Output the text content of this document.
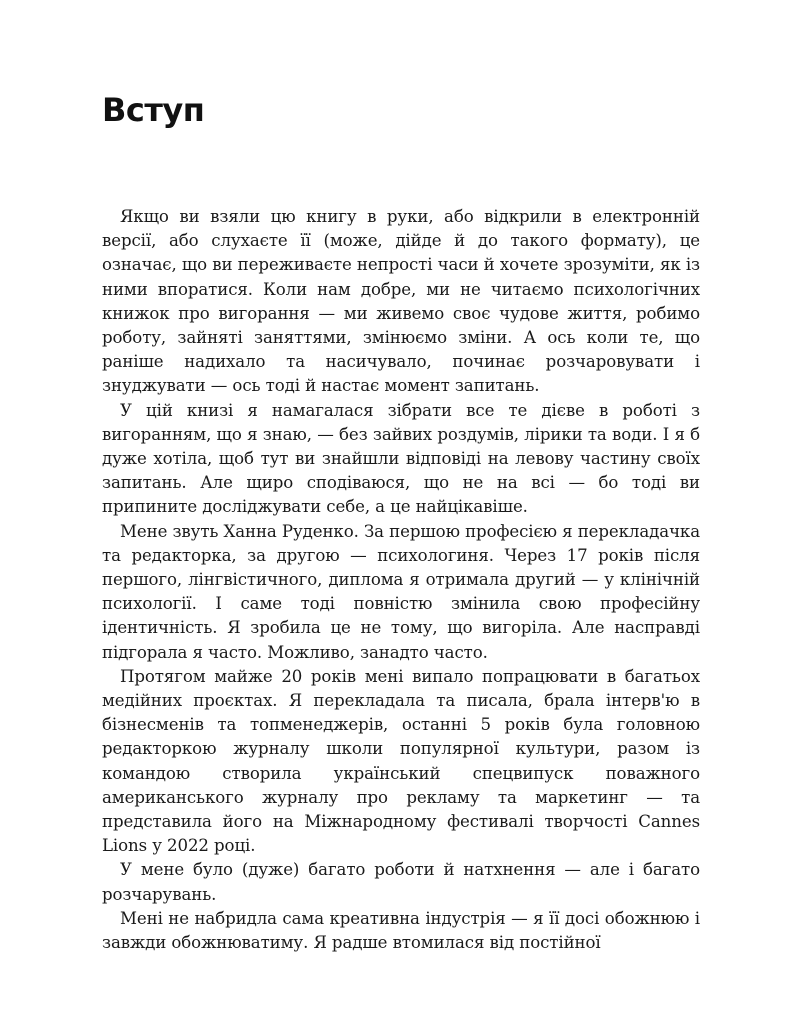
Вступ

Якщо ви взяли цю книгу в руки, або відкрили в електронній версії, або слухаєте її (може, дійде й до такого формату), це означає, що ви переживаєте непрості часи й хочете зрозуміти, як із ними впоратися. Коли нам добре, ми не читаємо психологічних книжок про вигорання — ми живемо своє чудове життя, робимо роботу, зайняті заняттями, змінюємо зміни. А ось коли те, що раніше надихало та насичувало, починає розчаровувати і знуджувати — ось тоді й настає момент запитань.

У цій книзі я намагалася зібрати все те дієве в роботі з вигоранням, що я знаю, — без зайвих роздумів, лірики та води. І я б дуже хотіла, щоб тут ви знайшли відповіді на левову частину своїх запитань. Але щиро сподіваюся, що не на всі — бо тоді ви припините досліджувати себе, а це найцікавіше.

Мене звуть Ханна Руденко. За першою професією я перекладачка та редакторка, за другою — психологиня. Через 17 років після першого, лінгвістичного, диплома я отримала другий — у клінічній психології. І саме тоді повністю змінила свою професійну ідентичність. Я зробила це не тому, що вигоріла. Але насправді підгорала я часто. Можливо, занадто часто.

Протягом майже 20 років мені випало попрацювати в багатьох медійних проєктах. Я перекладала та писала, брала інтерв'ю в бізнесменів та топменеджерів, останні 5 років була головною редакторкою журналу школи популярної культури, разом із командою створила український спецвипуск поважного американського журналу про рекламу та маркетинг — та представила його на Міжнародному фестивалі творчості Cannes Lions у 2022 році.

У мене було (дуже) багато роботи й натхнення — але і багато розчарувань.

Мені не набридла сама креативна індустрія — я її досі обожнюю і завжди обожнюватиму. Я радше втомилася від постійної
